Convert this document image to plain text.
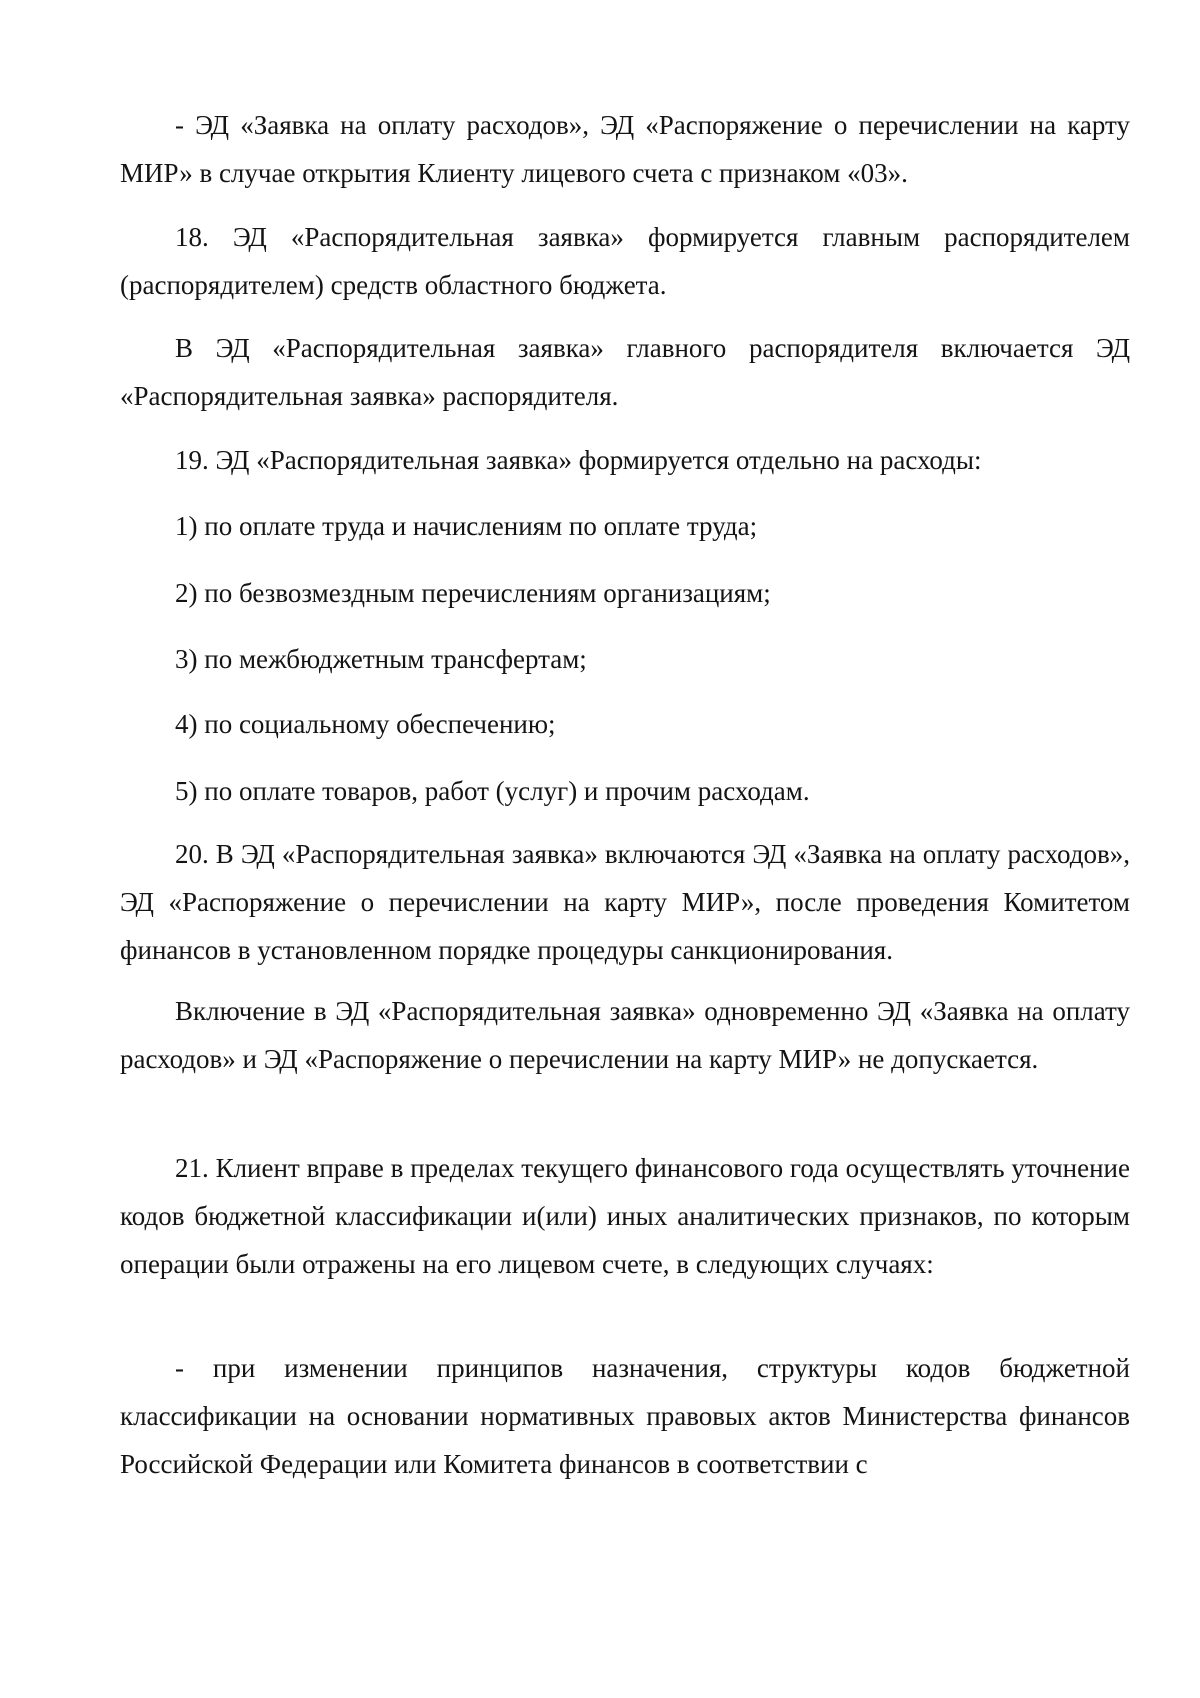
- ЭД «Заявка на оплату расходов», ЭД «Распоряжение о перечислении на карту МИР» в случае открытия Клиенту лицевого счета с признаком «03».

18. ЭД «Распорядительная заявка» формируется главным распорядителем (распорядителем) средств областного бюджета.

В ЭД «Распорядительная заявка» главного распорядителя включается ЭД «Распорядительная заявка» распорядителя.

19. ЭД «Распорядительная заявка» формируется отдельно на расходы:

1) по оплате труда и начислениям по оплате труда;

2) по безвозмездным перечислениям организациям;

3) по межбюджетным трансфертам;

4) по социальному обеспечению;

5) по оплате товаров, работ (услуг) и прочим расходам.

20. В ЭД «Распорядительная заявка» включаются ЭД «Заявка на оплату расходов», ЭД «Распоряжение о перечислении на карту МИР», после проведения Комитетом финансов в установленном порядке процедуры санкционирования.

Включение в ЭД «Распорядительная заявка» одновременно ЭД «Заявка на оплату расходов» и ЭД «Распоряжение о перечислении на карту МИР» не допускается.

21. Клиент вправе в пределах текущего финансового года осуществлять уточнение кодов бюджетной классификации и(или) иных аналитических признаков, по которым операции были отражены на его лицевом счете, в следующих случаях:

- при изменении принципов назначения, структуры кодов бюджетной классификации на основании нормативных правовых актов Министерства финансов Российской Федерации или Комитета финансов в соответствии с
